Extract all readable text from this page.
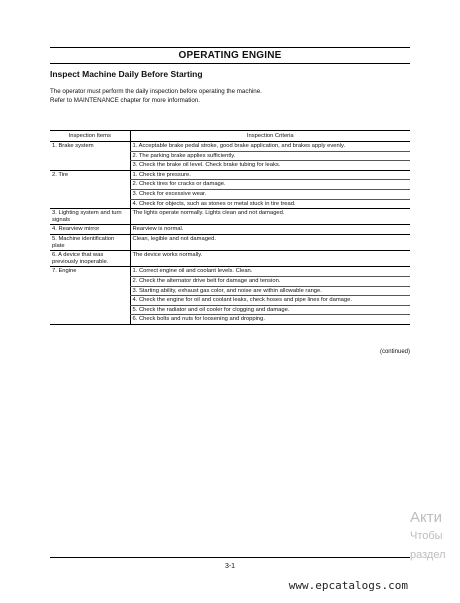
OPERATING ENGINE
Inspect Machine Daily Before Starting
The operator must perform the daily inspection before operating the machine.
Refer to MAINTENANCE chapter for more information.
Inspection Items	Inspection Criteria
1. Brake system	1. Acceptable brake pedal stroke, good brake application, and brakes apply evenly.
	2. The parking brake applies sufficiently.
	3. Check the brake oil level. Check brake tubing for leaks.
2. Tire	1. Check tire pressure.
	2. Check tires for cracks or damage.
	3. Check for excessive wear.
	4. Check for objects, such as stones or metal stuck in tire tread.
3. Lighting system and turn signals	The lights operate normally. Lights clean and not damaged.
4. Rearview mirror	Rearview is normal.
5. Machine identification plate	Clean, legible and not damaged.
6. A device that was previously inoperable.	The device works normally.
7. Engine	1. Correct engine oil and coolant levels. Clean.
	2. Check the alternator drive belt for damage and tension.
	3. Starting ability, exhaust gas color, and noise are within allowable range.
	4. Check the engine for oil and coolant leaks, check hoses and pipe lines for damage.
	5. Check the radiator and oil cooler for clogging and damage.
	6. Check bolts and nuts for loosening and dropping.
(continued)
Акти
Чтобы
раздел
3-1
www.epcatalogs.com
